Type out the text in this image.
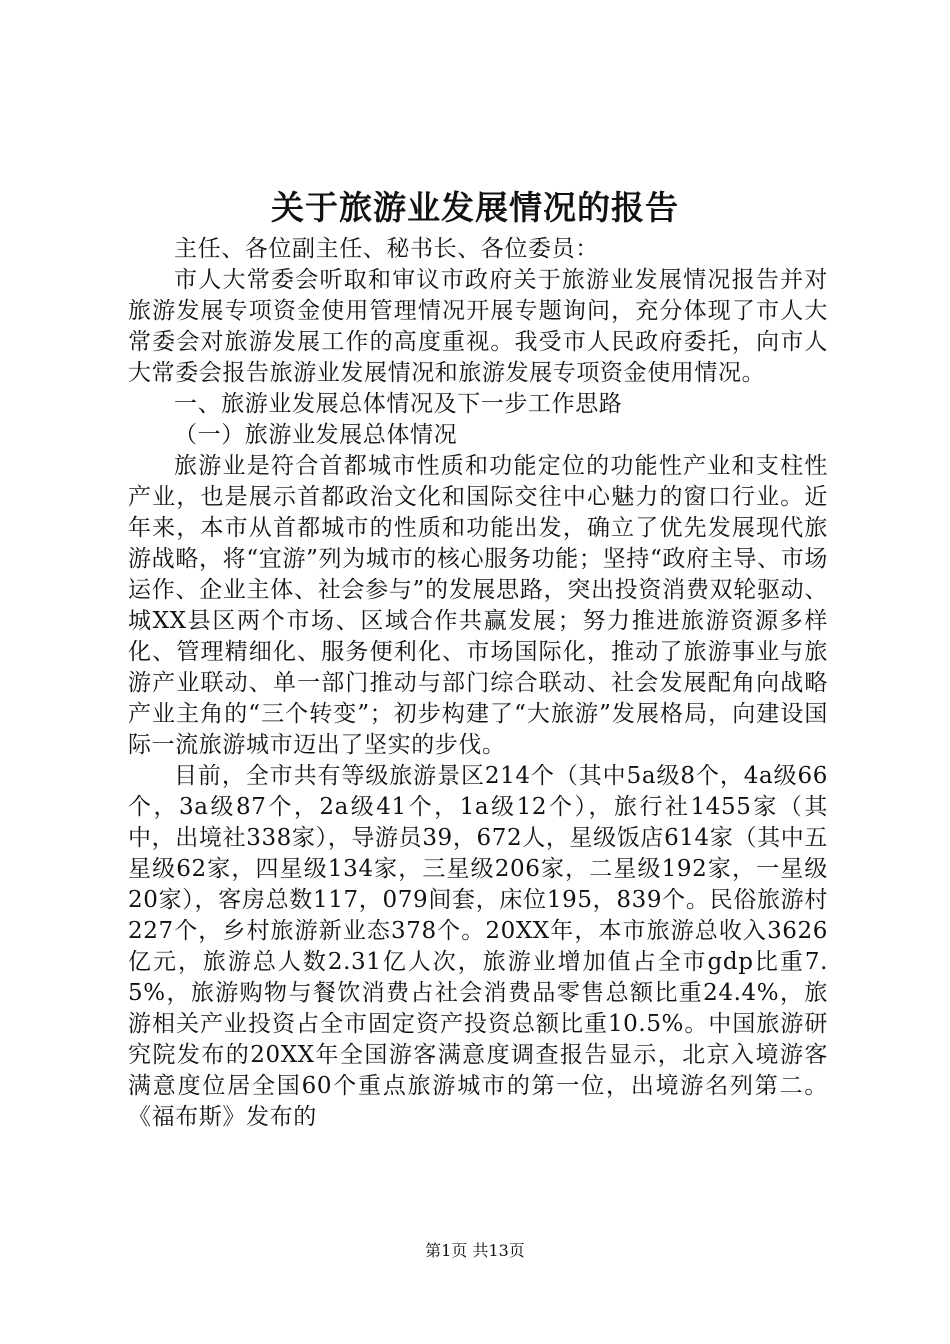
关于旅游业发展情况的报告

主任、各位副主任、秘书长、各位委员：

市人大常委会听取和审议市政府关于旅游业发展情况报告并对旅游发展专项资金使用管理情况开展专题询问，充分体现了市人大常委会对旅游发展工作的高度重视。我受市人民政府委托，向市人大常委会报告旅游业发展情况和旅游发展专项资金使用情况。

一、旅游业发展总体情况及下一步工作思路

（一）旅游业发展总体情况

旅游业是符合首都城市性质和功能定位的功能性产业和支柱性产业，也是展示首都政治文化和国际交往中心魅力的窗口行业。近年来，本市从首都城市的性质和功能出发，确立了优先发展现代旅游战略，将“宜游”列为城市的核心服务功能；坚持“政府主导、市场运作、企业主体、社会参与”的发展思路，突出投资消费双轮驱动、城XX县区两个市场、区域合作共赢发展；努力推进旅游资源多样化、管理精细化、服务便利化、市场国际化，推动了旅游事业与旅游产业联动、单一部门推动与部门综合联动、社会发展配角向战略产业主角的“三个转变”；初步构建了“大旅游”发展格局，向建设国际一流旅游城市迈出了坚实的步伐。

目前，全市共有等级旅游景区214个（其中5a级8个，4a级66个，3a级87个，2a级41个，1a级12个），旅行社1455家（其中，出境社338家），导游员39，672人，星级饭店614家（其中五星级62家，四星级134家，三星级206家，二星级192家，一星级20家），客房总数117，079间套，床位195，839个。民俗旅游村227个，乡村旅游新业态378个。20XX年，本市旅游总收入3626亿元，旅游总人数2.31亿人次，旅游业增加值占全市gdp比重7.5%，旅游购物与餐饮消费占社会消费品零售总额比重24.4%，旅游相关产业投资占全市固定资产投资总额比重10.5%。中国旅游研究院发布的20XX年全国游客满意度调查报告显示，北京入境游客满意度位居全国60个重点旅游城市的第一位，出境游名列第二。《福布斯》发布的

第1页 共13页
